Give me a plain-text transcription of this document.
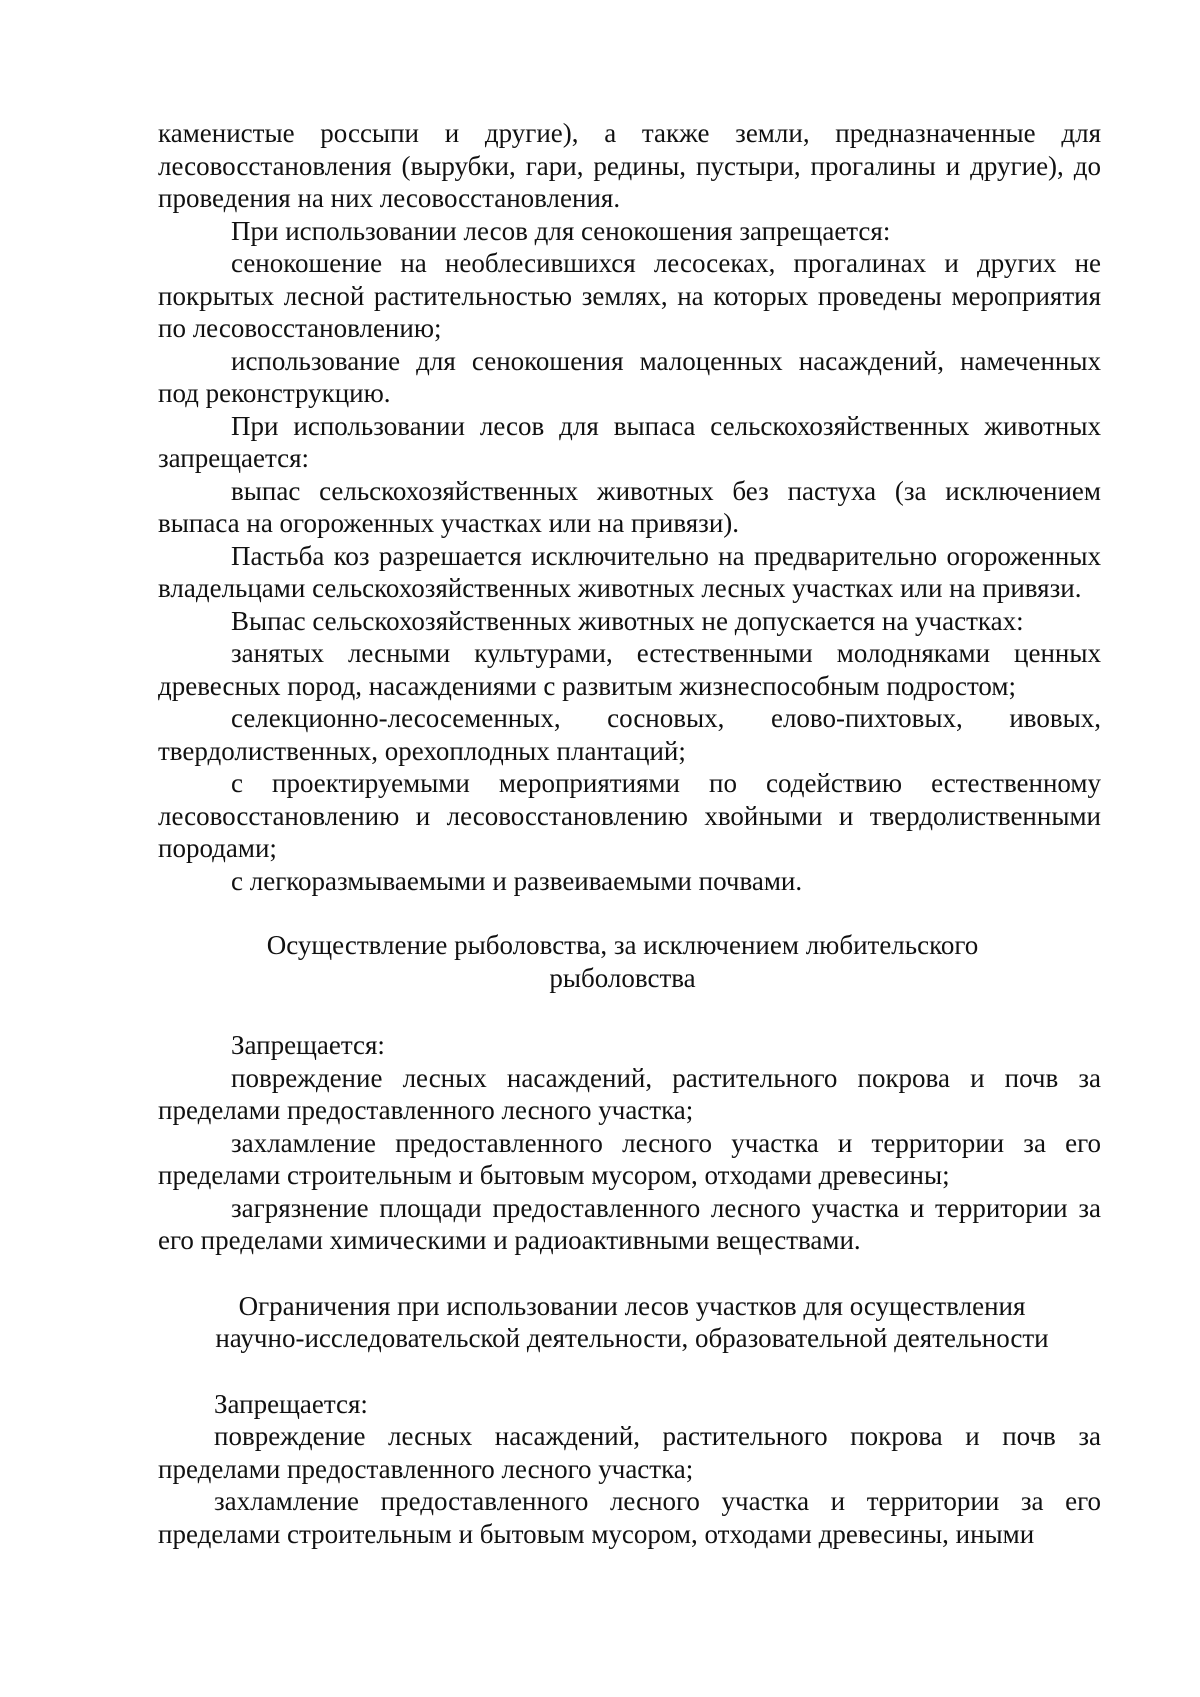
каменистые россыпи и другие), а также земли, предназначенные для лесовосстановления (вырубки, гари, редины, пустыри, прогалины и другие), до проведения на них лесовосстановления.

При использовании лесов для сенокошения запрещается:

сенокошение на необлесившихся лесосеках, прогалинах и других не покрытых лесной растительностью землях, на которых проведены мероприятия по лесовосстановлению;

использование для сенокошения малоценных насаждений, намеченных под реконструкцию.

При использовании лесов для выпаса сельскохозяйственных животных запрещается:

выпас сельскохозяйственных животных без пастуха (за исключением выпаса на огороженных участках или на привязи).

Пастьба коз разрешается исключительно на предварительно огороженных владельцами сельскохозяйственных животных лесных участках или на привязи.

Выпас сельскохозяйственных животных не допускается на участках:

занятых лесными культурами, естественными молодняками ценных древесных пород, насаждениями с развитым жизнеспособным подростом;

селекционно-лесосеменных, сосновых, елово-пихтовых, ивовых, твердолиственных, орехоплодных плантаций;

с проектируемыми мероприятиями по содействию естественному лесовосстановлению и лесовосстановлению хвойными и твердолиственными породами;

с легкоразмываемыми и развеиваемыми почвами.

Осуществление рыболовства, за исключением любительского
рыболовства

Запрещается:

повреждение лесных насаждений, растительного покрова и почв за пределами предоставленного лесного участка;

захламление предоставленного лесного участка и территории за его пределами строительным и бытовым мусором, отходами древесины;

загрязнение площади предоставленного лесного участка и территории за его пределами химическими и радиоактивными веществами.

Ограничения при использовании лесов участков для осуществления
научно-исследовательской деятельности, образовательной деятельности

Запрещается:

повреждение лесных насаждений, растительного покрова и почв за пределами предоставленного лесного участка;

захламление предоставленного лесного участка и территории за его пределами строительным и бытовым мусором, отходами древесины, иными
